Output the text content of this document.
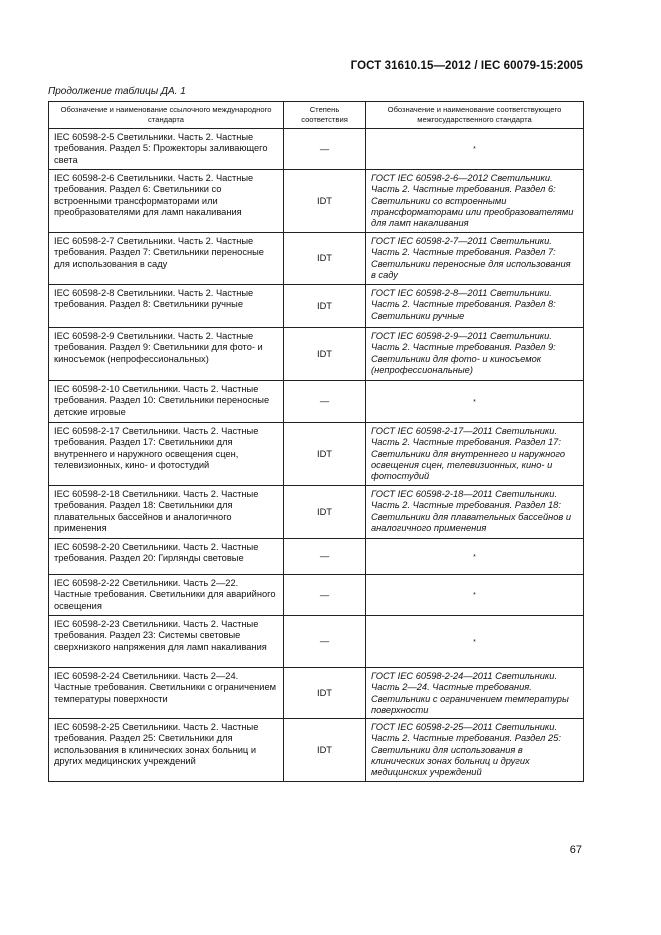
ГОСТ 31610.15—2012 / IEC 60079-15:2005
Продолжение таблицы ДА. 1
Обозначение и наименование ссылочного международного стандарта	Степень соответствия	Обозначение и наименование соответствующего межгосударственного стандарта
IEC 60598-2-5 Светильники. Часть 2. Частные требования. Раздел 5: Прожекторы заливающего света	—	*
IEC 60598-2-6 Светильники. Часть 2. Частные требования. Раздел 6: Светильники со встроенными трансформаторами или преобразователями для ламп накаливания	IDT	ГОСТ IEC 60598-2-6—2012 Светильники. Часть 2. Частные требования. Раздел 6: Светильники со встроенными трансформаторами или преобразователями для ламп накаливания
IEC 60598-2-7 Светильники. Часть 2. Частные требования. Раздел 7: Светильники переносные для использования в саду	IDT	ГОСТ IEC 60598-2-7—2011 Светильники. Часть 2. Частные требования. Раздел 7: Светильники переносные для использования в саду
IEC 60598-2-8 Светильники. Часть 2. Частные требования. Раздел 8: Светильники ручные	IDT	ГОСТ IEC 60598-2-8—2011 Светильники. Часть 2. Частные требования. Раздел 8: Светильники ручные
IEC 60598-2-9 Светильники. Часть 2. Частные требования. Раздел 9: Светильники для фото- и киносъемок (непрофессиональных)	IDT	ГОСТ IEC 60598-2-9—2011 Светильники. Часть 2. Частные требования. Раздел 9: Светильники для фото- и киносъемок (непрофессиональные)
IEC 60598-2-10 Светильники. Часть 2. Частные требования. Раздел 10: Светильники переносные детские игровые	—	*
IEC 60598-2-17 Светильники. Часть 2. Частные требования. Раздел 17: Светильники для внутреннего и наружного освещения сцен, телевизионных, кино- и фотостудий	IDT	ГОСТ IEC 60598-2-17—2011 Светильники. Часть 2. Частные требования. Раздел 17: Светильники для внутреннего и наружного освещения сцен, телевизионных, кино- и фотостудий
IEC 60598-2-18 Светильники. Часть 2. Частные требования. Раздел 18: Светильники для плавательных бассейнов и аналогичного применения	IDT	ГОСТ IEC 60598-2-18—2011 Светильники. Часть 2. Частные требования. Раздел 18: Светильники для плавательных бассейнов и аналогичного применения
IEC 60598-2-20 Светильники. Часть 2. Частные требования. Раздел 20: Гирлянды световые	—	*
IEC 60598-2-22 Светильники. Часть 2—22. Частные требования. Светильники для аварийного освещения	—	*
IEC 60598-2-23 Светильники. Часть 2. Частные требования. Раздел 23: Системы световые сверхнизкого напряжения для ламп накаливания	—	*
IEC 60598-2-24 Светильники. Часть 2—24. Частные требования. Светильники с ограничением температуры поверхности	IDT	ГОСТ IEC 60598-2-24—2011 Светильники. Часть 2—24. Частные требования. Светильники с ограничением температуры поверхности
IEC 60598-2-25 Светильники. Часть 2. Частные требования. Раздел 25: Светильники для использования в клинических зонах больниц и других медицинских учреждений	IDT	ГОСТ IEC 60598-2-25—2011 Светильники. Часть 2. Частные требования. Раздел 25: Светильники для использования в клинических зонах больниц и других медицинских учреждений
67
